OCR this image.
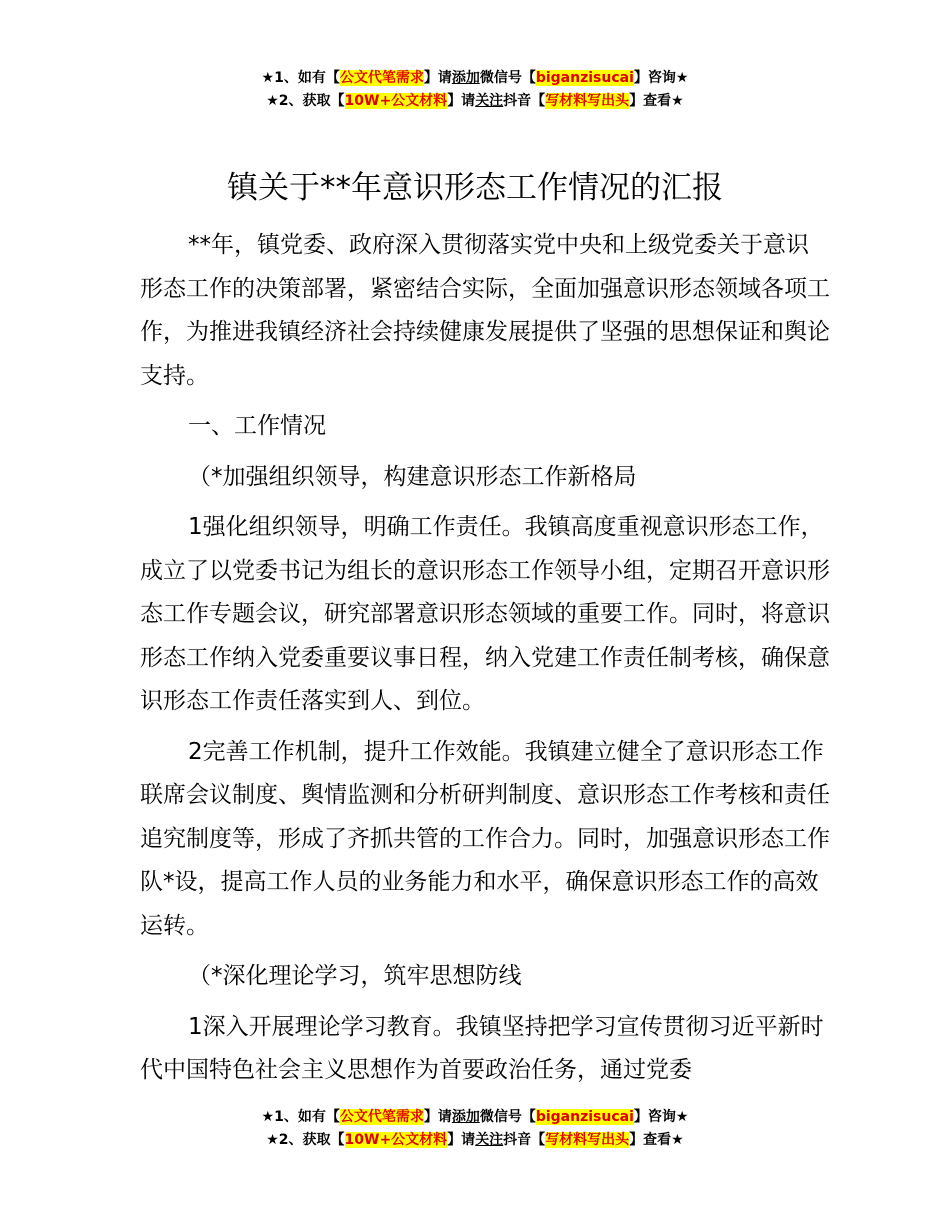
★1、如有【公文代笔需求】请添加微信号【biganzisucai】咨询★
★2、获取【10W+公文材料】请关注抖音【写材料写出头】查看★
镇关于**年意识形态工作情况的汇报

**年，镇党委、政府深入贯彻落实党中央和上级党委关于意识形态工作的决策部署，紧密结合实际，全面加强意识形态领域各项工作，为推进我镇经济社会持续健康发展提供了坚强的思想保证和舆论支持。

一、工作情况

（*加强组织领导，构建意识形态工作新格局

1强化组织领导，明确工作责任。我镇高度重视意识形态工作，成立了以党委书记为组长的意识形态工作领导小组，定期召开意识形态工作专题会议，研究部署意识形态领域的重要工作。同时，将意识形态工作纳入党委重要议事日程，纳入党建工作责任制考核，确保意识形态工作责任落实到人、到位。

2完善工作机制，提升工作效能。我镇建立健全了意识形态工作联席会议制度、舆情监测和分析研判制度、意识形态工作考核和责任追究制度等，形成了齐抓共管的工作合力。同时，加强意识形态工作队*设，提高工作人员的业务能力和水平，确保意识形态工作的高效运转。

（*深化理论学习，筑牢思想防线

1深入开展理论学习教育。我镇坚持把学习宣传贯彻习近平新时代中国特色社会主义思想作为首要政治任务，通过党委

★1、如有【公文代笔需求】请添加微信号【biganzisucai】咨询★
★2、获取【10W+公文材料】请关注抖音【写材料写出头】查看★
